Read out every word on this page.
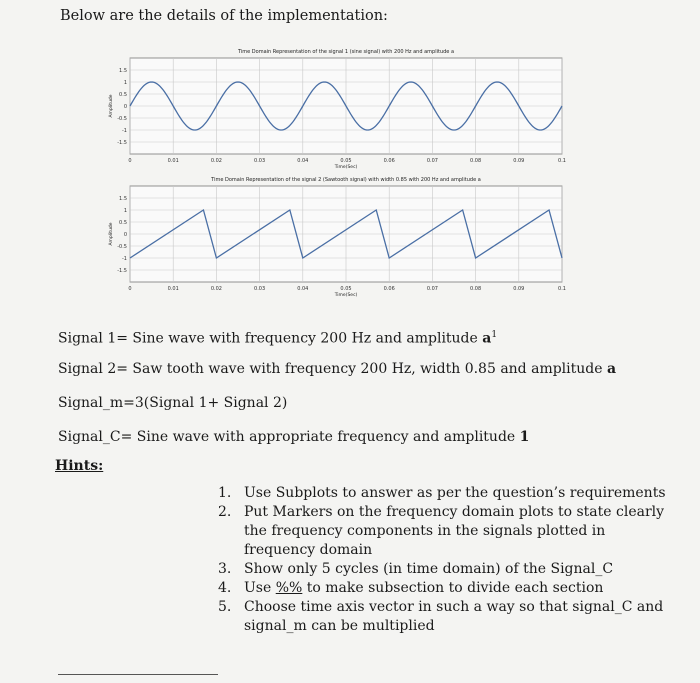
Below are the details of the implementation:
Time Domain Representation of the signal 1 (sine signal) with 200 Hz and amplitude a
0	0.01	0.02	0.03	0.04	0.05	0.06	0.07	0.08	0.09	0.1
1.5
1
0.5
0
-0.5
-1
-1.5
Time(Sec)
Amplitude
Time Domain Representation of the signal 2 (Sawtooth signal) with width 0.85 with 200 Hz and amplitude a
0	0.01	0.02	0.03	0.04	0.05	0.06	0.07	0.08	0.09	0.1
1.5
1
0.5
0
-0.5
-1
-1.5
Time(Sec)
Amplitude
Signal 1= Sine wave with frequency 200 Hz and amplitude $a^1$
Signal 2= Saw tooth wave with frequency 200 Hz, width 0.85 and amplitude a
Signal_m=3(Signal 1+ Signal 2)
Signal_C= Sine wave with appropriate frequency and amplitude 1
Hints:
1. Use Subplots to answer as per the question’s requirements
2. Put Markers on the frequency domain plots to state clearly the frequency components in the signals plotted in frequency domain
3. Show only 5 cycles (in time domain) of the Signal_C
4. Use %% to make subsection to divide each section
5. Choose time axis vector in such a way so that signal_C and signal_m can be multiplied
